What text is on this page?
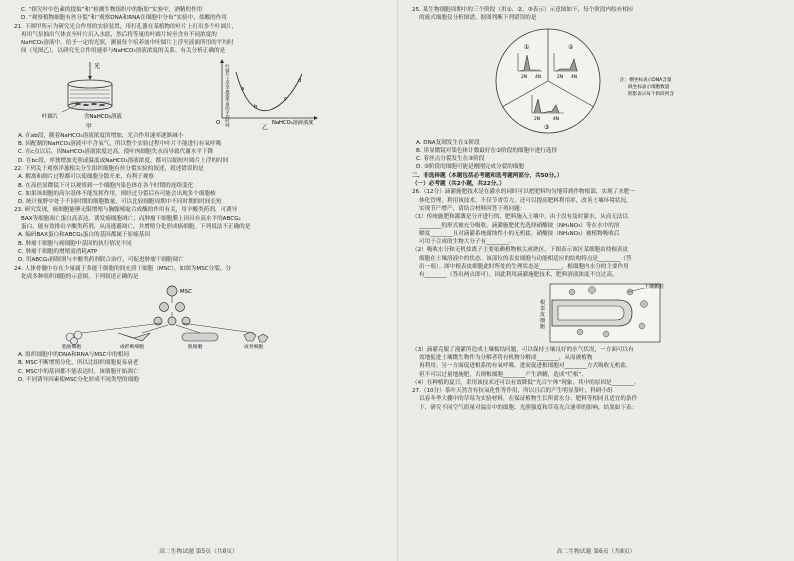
C. “探究叶中色素的提取”和“检测生物组织中的脂肪”实验中，酒精的作用
D. “观察植物细胞有丝分裂”和“观察DNA和RNA在细胞中分布”实验中，盐酸的作用
21. 下图甲所示为研究光合作用的实验装置，用打孔器在某植物的叶片上打出多个叶圆片，
再用气泵抽出气体直至叶片沉入水底，然后将等量的叶圆片转至含有不同浓度的
NaHCO₃溶液中，给予一定的光照，测量每个培养皿中叶圆片上浮至液面所用的平均时
间（见图乙），以研究光合作用速率与NaHCO₃溶液浓度的关系。有关分析正确的是
光
叶圆片	含NaHCO₃溶液
甲
O 叶圆片上浮至液面所用的平均时间 a
b
c
d
NaHCO₃溶液浓度
乙
A. 在ab段，随着NaHCO₃溶液浓度的增加，光合作用速率逐渐减小
B. 因配制的NaHCO₃溶液中不含氧气，所以整个实验过程中叶片不能进行有氧呼吸
C. 在c点以后，因NaHCO₃溶液浓度过高，使叶肉细胞失水而导致代谢水平下降
D. 在bc段，单独增加光照或温度或NaHCO₃溶液浓度，都可以缩短叶圆片上浮的时间
22. 下列关于观察洋葱根尖分生组织细胞有丝分裂实验的叙述，叙述错误的是
A. 解离和制片过程都可以使细胞分散开来，有利于观察
B. 在高倍显微镜下可以观察到一个细胞内染色体在各个时期的连续变化
C. 如果该细胞的高尔基体不能发挥作用，则经过分裂后有可能会出现多个细胞核
D. 统计视野中处于不同时期的细胞数量，可以比较细胞周期中不同时期的时间长短
23. 研究发现，癌细胞能够无限增殖与胸腺嘧啶合成酶的作用有关，用辛酸类药剂，可诱导
BAX等细胞凋亡蛋白高表达，诱发癌细胞凋亡；而肿瘤干细胞膜上因具有高水平的ABCG₂
蛋白，能有效排出辛酸类药剂，从而逃避凋亡，并增殖分化形成癌细胞。下列说法不正确的是
A. 编码BAX蛋白和ABCG₂蛋白的基因都属于原癌基因
B. 肿瘤干细胞与癌细胞中基因的执行情况不同
C. 肿瘤干细胞的增殖需消耗ATP
D. 用ABCG₂抑制剂与辛酸类药剂联合治疗，可促进肿瘤干细胞凋亡
24. 人体骨髓中存在少量属于多能干细胞的间充质干细胞（MSC），如图为MSC分裂、分
化成多种组织细胞的示意图，下列叙述正确的是
MSC
脂肪细胞	成纤维细胞	肌细胞	成骨细胞
A. 组织细胞中的DNA和RNA与MSC中的相同
B. MSC不断增殖分化，所以比组织细胞更易衰老
C. MSC中的基因都不能表达时，该细胞开始凋亡
D. 不同诱导因素使MSC分化形成不同类型的细胞
高二生物试题 第5页（共8页）
25. 某生物细胞周期中的三个阶段（用①、②、③表示）示意图如下，每个阶段内绘有相应
的流式细胞仪分析图谱，据图判断下列错误的是
①	②
③
2N 4N	2N 4N
2N	4N
注：横坐标表示DNA含量
纵坐标表示细胞数量
阴影表示每个阶段所含
A. DNA复制发生在①阶段
B. 用显微镜对染色体计数最好在②阶段的细胞中进行选择
C. 着丝点分裂发生在③阶段
D. ③阶段的细胞可能是刚刚完成分裂的细胞
二、非选择题（本题包括必考题和选考题两部分，共50分。）
（一）必考题（共2小题，共22分。）
26.（12分）滴灌施肥技术是在灌水的同时可以把肥料均匀地带到作物根部，实现了水肥一
体化管理。利用该技术，不仅节省劳力，还可以提高肥料利用率，改善土壤环境状况，
实现节产增产，请结合材料回答下列问题：
（1）传统施肥和灌溉是分开进行的，肥料施入土壤中，由于没有及时灌水，从而无法以
________的形式被充分吸收，滴灌施肥优先选择硝酸铵（NH₄NO₃）等在水中的溶
解度________且对滴灌系统腐蚀性小的无机盐，硝酸铵（NH₄NO₃）被植物吸收后
可用于合成的生物大分子有________。
（2）吸收水分和无机盐离子主要依赖植物根尖成熟区。下图表示该区某细胞由幼根表皮
细胞在土壤溶液中的状态。该部位的表皮细胞与功能相适应的结构特点是________（答
出一项）。图中根表皮细胞此时所处的生理状态是________，根细胞内水分的主要作用
有________（答出两点即可）。因此利用滴灌施肥技术，肥料溶液浓度不宜过高。
土壤颗粒
根
表
皮
细
胞
（3）滴灌克服了漫灌所造成土壤板结问题，可以保持土壤良好的水气状况，一方面可以有
效地促进土壤微生物作为分解者将有机物分解成________，从而被植物
再利用；另一方面促进根系的有氧呼吸，进而促进根细胞对________方式吸收无机盐，
但不可以过量地施肥，否则根细胞________产生酒精，造成“烂根”。
（4）在种植的夏日，采用该技术还可以有效降低“光合午休”现象，其中的原因是________。
27.（10分）茶叶天然含有抗氧化性等作用，所以且后的产生明显茶叶，科研小组
以春冬季大棚中的草莓为实验材料，在保证植物生长所需水分、肥料等相同且适宜的条件
下，研究不同空气质量对温室中的细胞、光照强度和草莓光合速率的影响，结果如下表：
高二生物试题 第6页（共8页）
